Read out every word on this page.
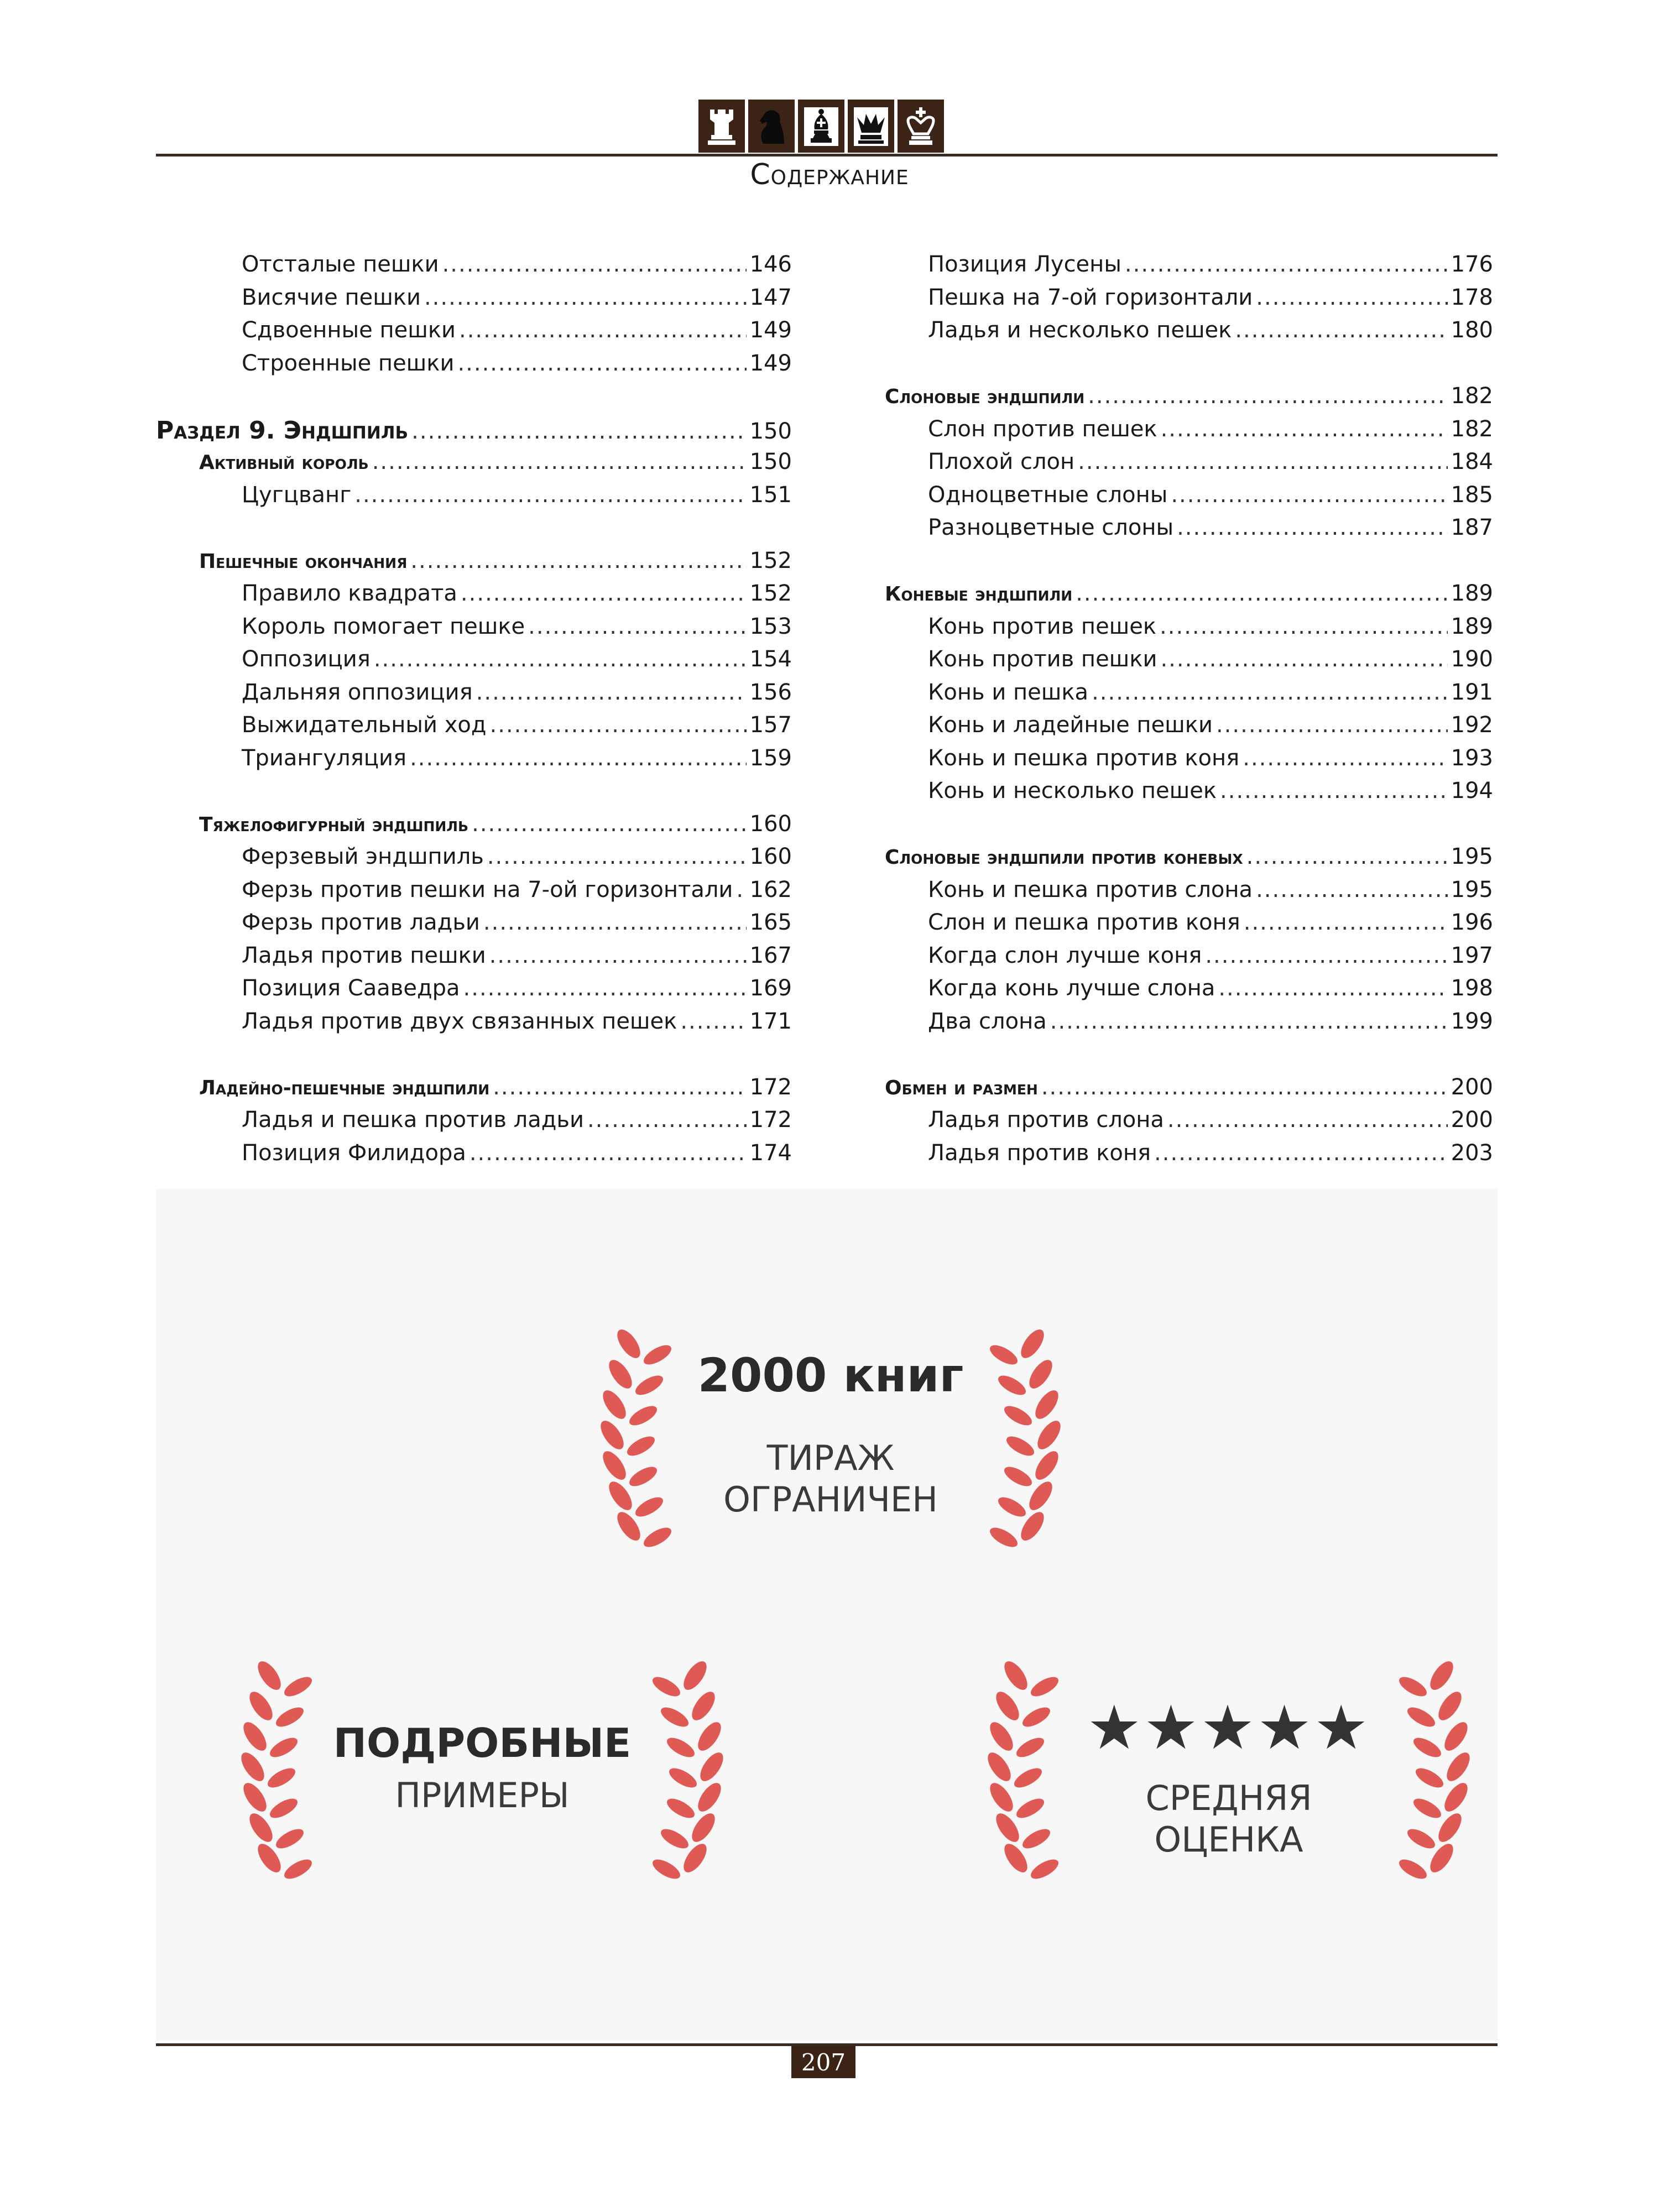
Содержание
Отсталые пешки .....	146
Висячие пешки .....	147
Сдвоенные пешки .....	149
Строенные пешки .....	149
Раздел 9. Эндшпиль .....	150
Активный король .....	150
Цугцванг .....	151
Пешечные окончания .....	152
Правило квадрата .....	152
Король помогает пешке .....	153
Оппозиция .....	154
Дальняя оппозиция .....	156
Выжидательный ход .....	157
Триангуляция .....	159
Тяжелофигурный эндшпиль .....	160
Ферзевый эндшпиль .....	160
Ферзь против пешки на 7-ой горизонтали ..... 162
Ферзь против ладьи .....	165
Ладья против пешки .....	167
Позиция Сааведра .....	169
Ладья против двух связанных пешек .....	171
Ладейно-пешечные эндшпили .....	172
Ладья и пешка против ладьи .....	172
Позиция Филидора .....	174
Позиция Лусены .....	176
Пешка на 7-ой горизонтали .....	178
Ладья и несколько пешек .....	180
Слоновые эндшпили .....	182
Слон против пешек .....	182
Плохой слон .....	184
Одноцветные слоны .....	185
Разноцветные слоны .....	187
Коневые эндшпили .....	189
Конь против пешек .....	189
Конь против пешки .....	190
Конь и пешка .....	191
Конь и ладейные пешки .....	192
Конь и пешка против коня .....	193
Конь и несколько пешек .....	194
Слоновые эндшпили против коневых .....	195
Конь и пешка против слона .....	195
Слон и пешка против коня .....	196
Когда слон лучше коня .....	197
Когда конь лучше слона .....	198
Два слона .....	199
Обмен и размен .....	200
Ладья против слона .....	200
Ладья против коня .....	203
2000 книг
ТИРАЖ
ОГРАНИЧЕН
ПОДРОБНЫЕ
ПРИМЕРЫ
★★★★★
СРЕДНЯЯ
ОЦЕНКА
207
